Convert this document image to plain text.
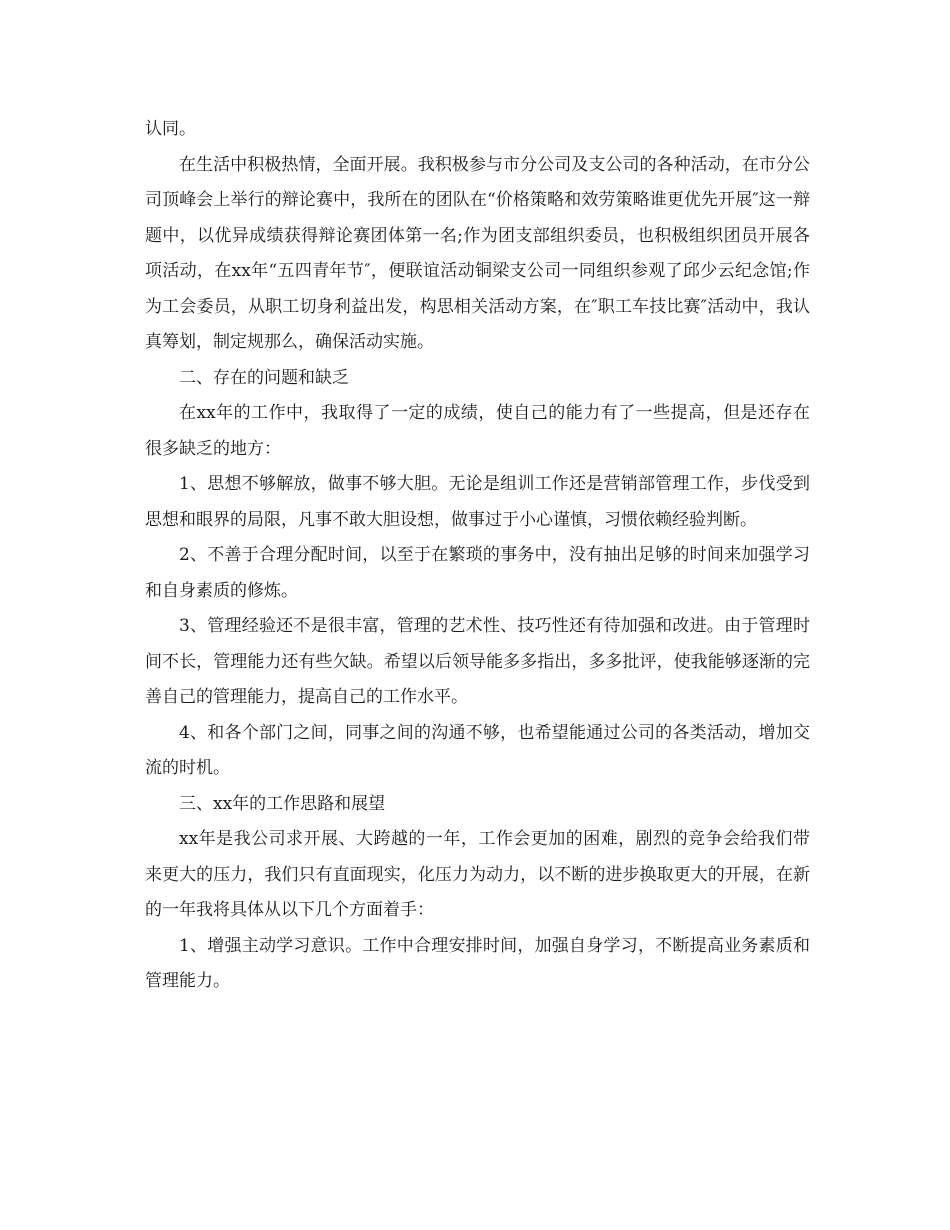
认同。

在生活中积极热情，全面开展。我积极参与市分公司及支公司的各种活动，在市分公司顶峰会上举行的辩论赛中，我所在的团队在“价格策略和效劳策略谁更优先开展″这一辩题中，以优异成绩获得辩论赛团体第一名;作为团支部组织委员，也积极组织团员开展各项活动，在xx年“五四青年节″，便联谊活动铜梁支公司一同组织参观了邱少云纪念馆;作为工会委员，从职工切身利益出发，构思相关活动方案，在″职工车技比赛″活动中，我认真筹划，制定规那么，确保活动实施。

二、存在的问题和缺乏

在xx年的工作中，我取得了一定的成绩，使自己的能力有了一些提高，但是还存在很多缺乏的地方：

1、思想不够解放，做事不够大胆。无论是组训工作还是营销部管理工作，步伐受到思想和眼界的局限，凡事不敢大胆设想，做事过于小心谨慎，习惯依赖经验判断。

2、不善于合理分配时间，以至于在繁琐的事务中，没有抽出足够的时间来加强学习和自身素质的修炼。

3、管理经验还不是很丰富，管理的艺术性、技巧性还有待加强和改进。由于管理时间不长，管理能力还有些欠缺。希望以后领导能多多指出，多多批评，使我能够逐渐的完善自己的管理能力，提高自己的工作水平。

4、和各个部门之间，同事之间的沟通不够，也希望能通过公司的各类活动，增加交流的时机。

三、xx年的工作思路和展望

xx年是我公司求开展、大跨越的一年，工作会更加的困难，剧烈的竞争会给我们带来更大的压力，我们只有直面现实，化压力为动力，以不断的进步换取更大的开展，在新的一年我将具体从以下几个方面着手：

1、增强主动学习意识。工作中合理安排时间，加强自身学习，不断提高业务素质和管理能力。
